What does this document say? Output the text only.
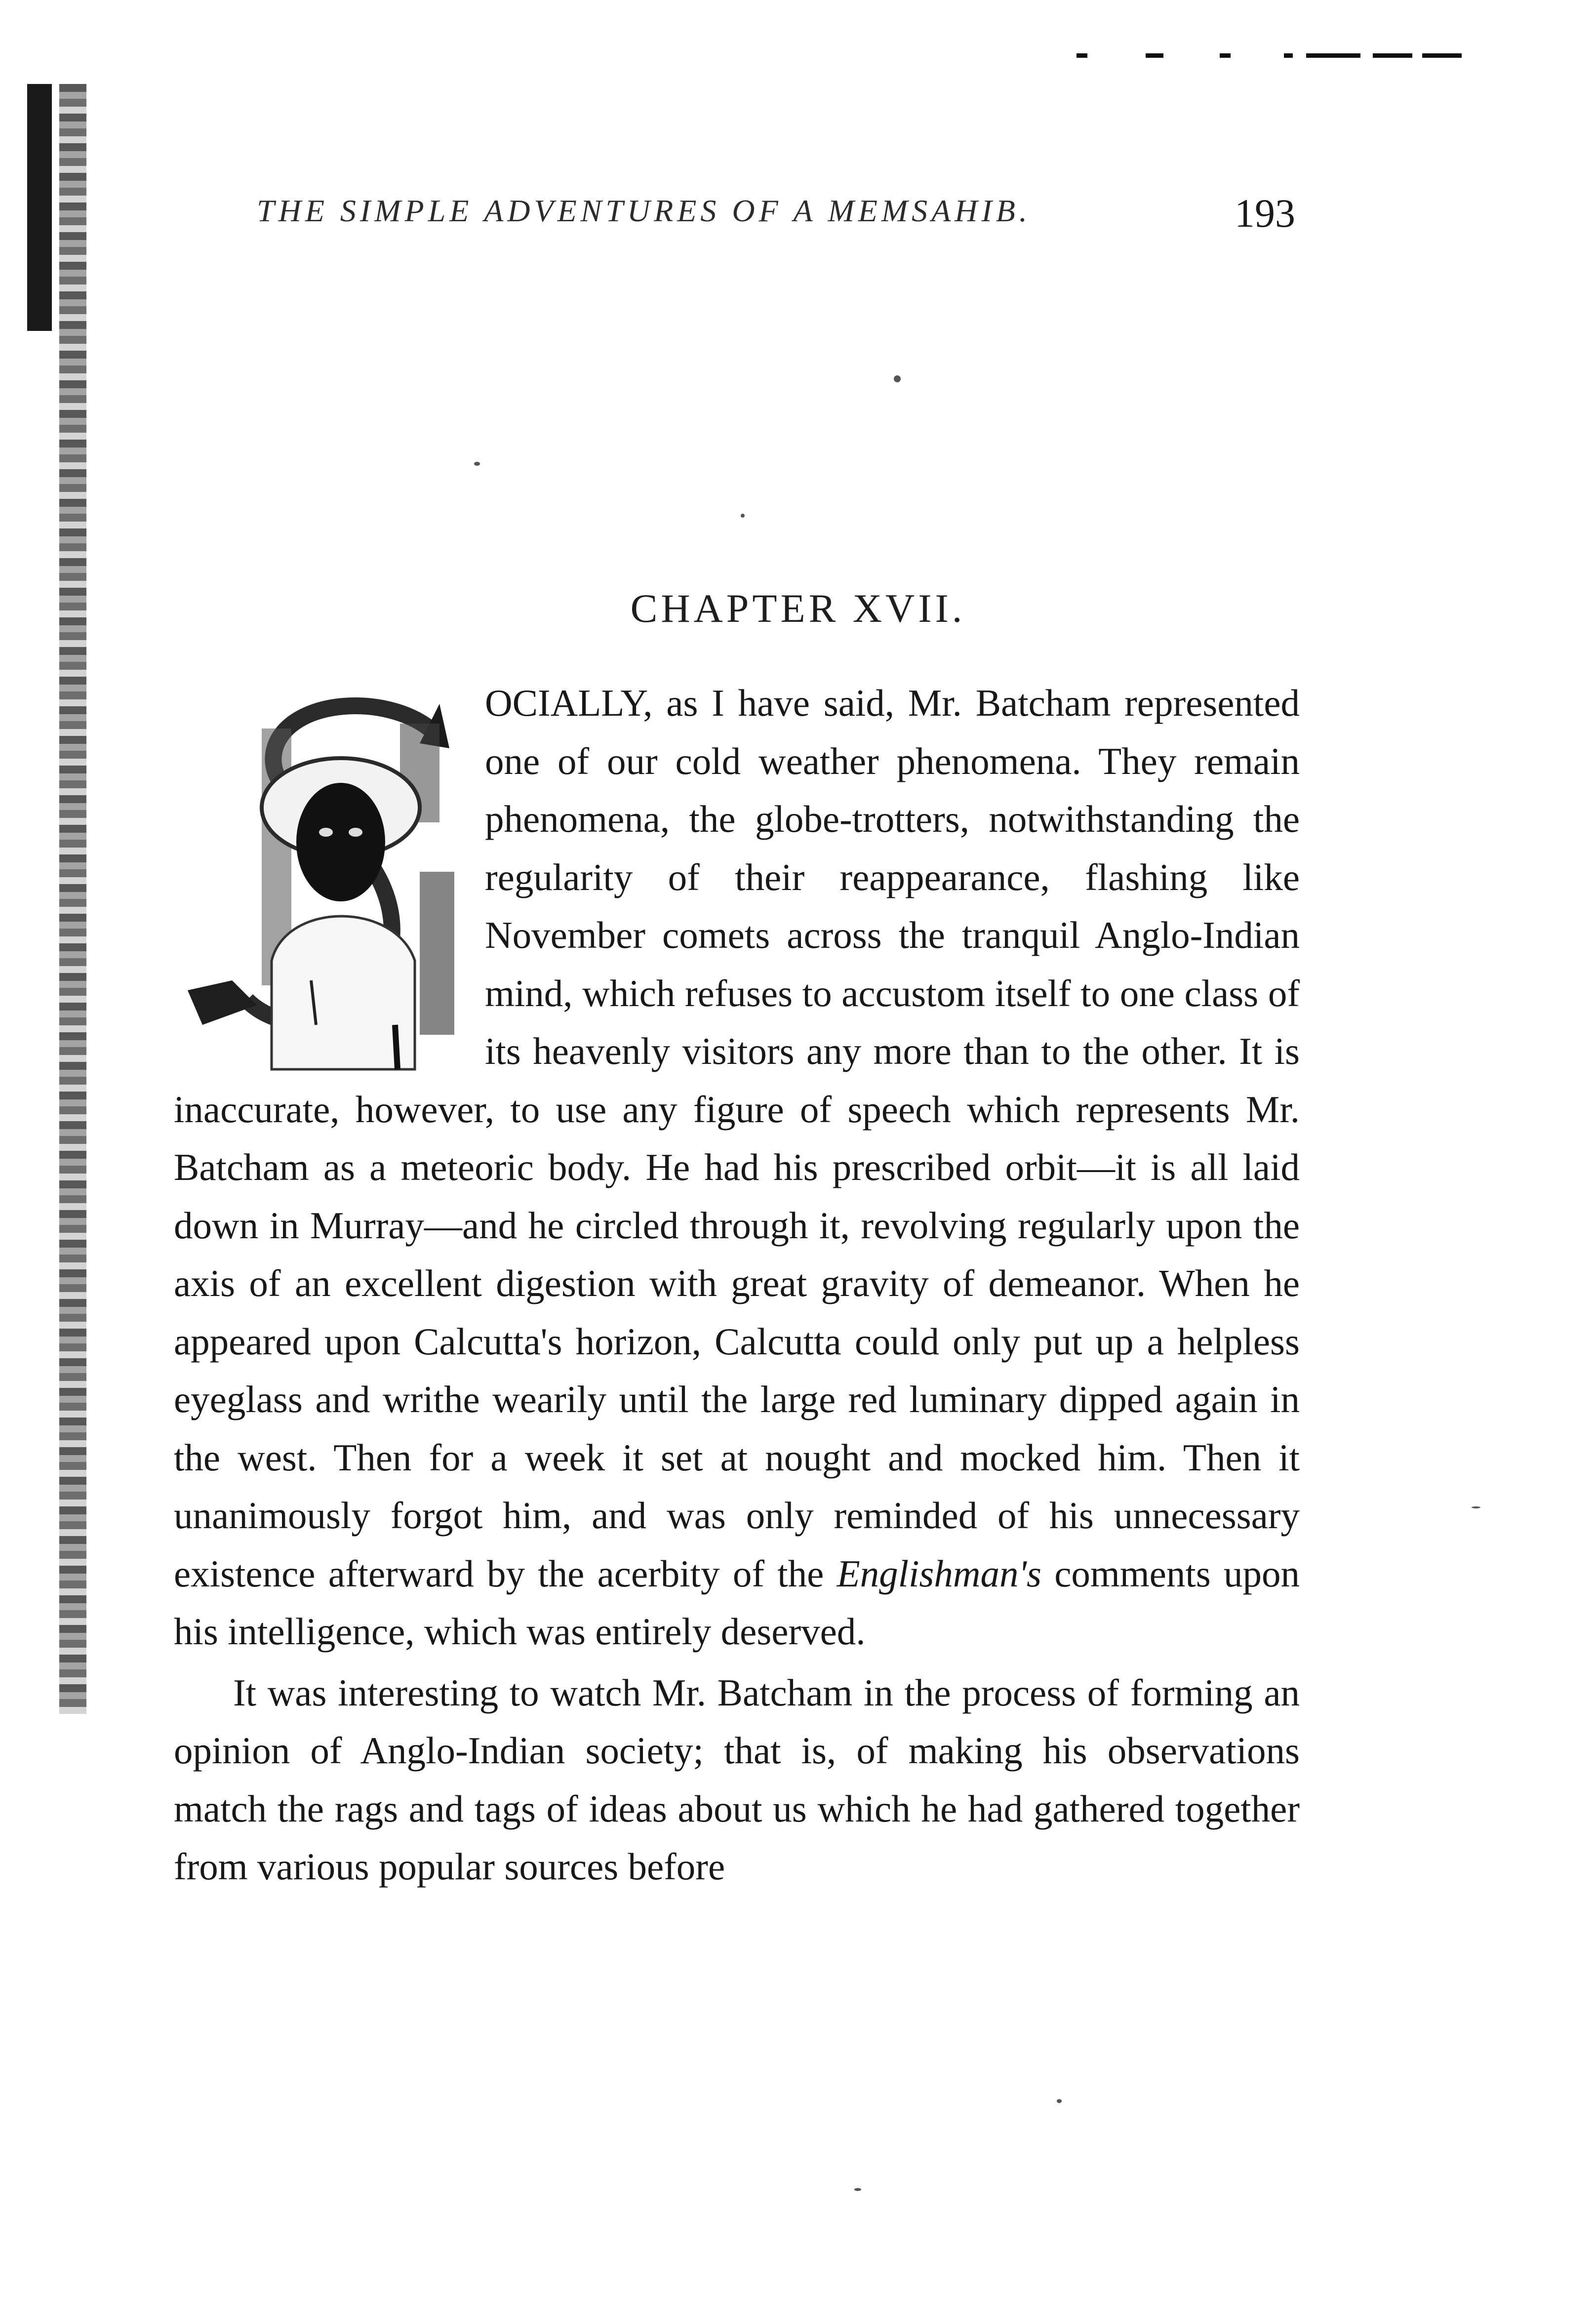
THE SIMPLE ADVENTURES OF A MEMSAHIB.	193
CHAPTER XVII.

OCIALLY, as I have said, Mr. Batcham represented one of our cold weather phenomena. They remain phenomena, the globe-trotters, notwithstanding the regularity of their reappearance, flashing like November comets across the tranquil Anglo-Indian mind, which refuses to accustom itself to one class of its heavenly visitors any more than to the other. It is inaccurate, however, to use any figure of speech which represents Mr. Batcham as a meteoric body. He had his prescribed orbit—it is all laid down in Murray—and he circled through it, revolving regularly upon the axis of an excellent digestion with great gravity of demeanor. When he appeared upon Calcutta's horizon, Calcutta could only put up a helpless eyeglass and writhe wearily until the large red luminary dipped again in the west. Then for a week it set at nought and mocked him. Then it unanimously forgot him, and was only reminded of his unnecessary existence afterward by the acerbity of the Englishman's comments upon his intelligence, which was entirely deserved.

It was interesting to watch Mr. Batcham in the process of forming an opinion of Anglo-Indian society; that is, of making his observations match the rags and tags of ideas about us which he had gathered together from various popular sources before
